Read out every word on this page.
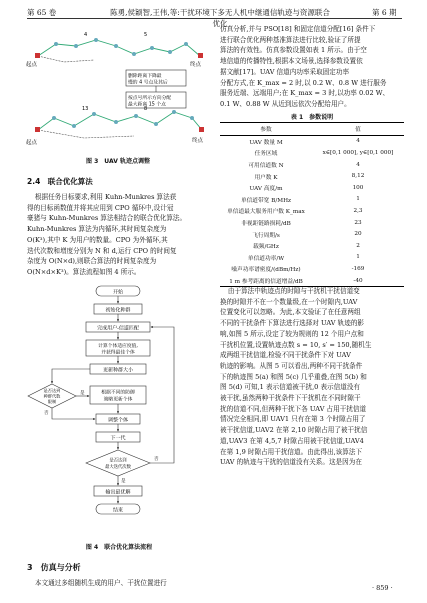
第 65 卷	陈勇,侯颖智,王伟,等:干扰环境下多无人机中继通信轨迹与资源联合优化
第 6 期
起点	终点
4	5
删除距离下降最
慢的 4 号点及其后
按点号所示方向分配
最大距离 15 个点
起点	终点
13	8
图 3　UAV 轨迹点调整
2.4　联合优化算法

根据任务目标要求,利用 Kuhn-Munkres 算法获

得的目标函数值并将其应用到 CPO 循环中,设计冠

豪猪与 Kuhn-Munkres 算法相结合的联合优化算法。

Kuhn-Munkres 算法为内循环,其时间复杂度为

O(K³),其中 K 为用户的数量。CPO 为外循环,其

迭代次数和增度分别为 N 和 d,运行 CPO 的时间复

杂度为 O(N×d),则联合算法的时间复杂度为

O(N×d×K³)。算法流程如图 4 所示。

开始
初始化种群
完成用户-信道匹配
计算个体适应度值,
并获得最佳个体
更新种群大小
是否达到
种群代数
限制
根据不同的防御
策略更新个体
调整个体
下一代
是否达到
最大迭代次数
输出最优解
结束
是
否
是
否
图 4　联合优化算法流程
3　仿真与分析
本文通过多组随机生成的用户、干扰位置进行

仿真分析,并与 PSO[18] 和固定信道分配[16] 条件下

进行联合优化两种基准算法进行比较,验证了所提

算法的有效性。仿真参数设置如表 1 所示。由于空

地信道的传播特性,根据本文场景,选择参数设置依

据文献[17]。UAV 信道内功率采取固定功率

分配方式,在 K_max = 2 时,以 0.2 W、0.8 W 进行服务

服务近端、远端用户;在 K_max = 3 时,以功率 0.02 W、

0.1 W、0.88 W 从近到远依次分配给用户。

表 1　参数说明
参数	值
UAV 数量 M	4
任务区域	x∈[0,1 000], y∈[0,1 000]
可用信道数 N	4
用户数 K	8,12
UAV 高度/m	100
单信道带宽 B/MHz	1
单信道最大服务用户数 K_max	2,3
非视距链路损耗/dB	23
飞行周期/s	20
载频/GHz	2
单信道功率/W	1
噪声功率谱密度/(dBm/Hz)	-169
1 m 参考距离的信道增益/dB	-40

由于算法中轨迹点的时隙与干扰机干扰信道变

换的时隙并不在一个数量级,在一个时隙内,UAV

位置变化可以忽略。为此,本文验证了在任意两组

不同的干扰条件下算法进行选择对 UAV 轨迹的影

响,如图 5 所示,设定了较为规则的 12 个用户点和

干扰机位置,设置轨迹点数 s = 10, s′ = 150,随机生

成两组干扰信道,检验不同干扰条件下对 UAV

轨迹的影响。从图 5 可以看出,两种不同干扰条件

下的轨迹图 5(a) 和图 5(c) 几乎重叠,在图 5(b) 和

图 5(d) 可知,1 表示信道被干扰,0 表示信道没有

被干扰,虽然两种干扰条件下干扰机在不同时隙干

扰的信道不同,但两种干扰下各 UAV 占用干扰信道

情况完全相同,即 UAV1 只有在第 3 个时隙占用了

被干扰信道,UAV2 在第 2,10 时隙占用了被干扰信

道,UAV3 在第 4,5,7 时隙占用被干扰信道,UAV4

在第 1,9 时隙占用干扰信道。由此得出,该算法下

UAV 的轨迹与干扰的信道没有关系。这是因为在

· 859 ·
